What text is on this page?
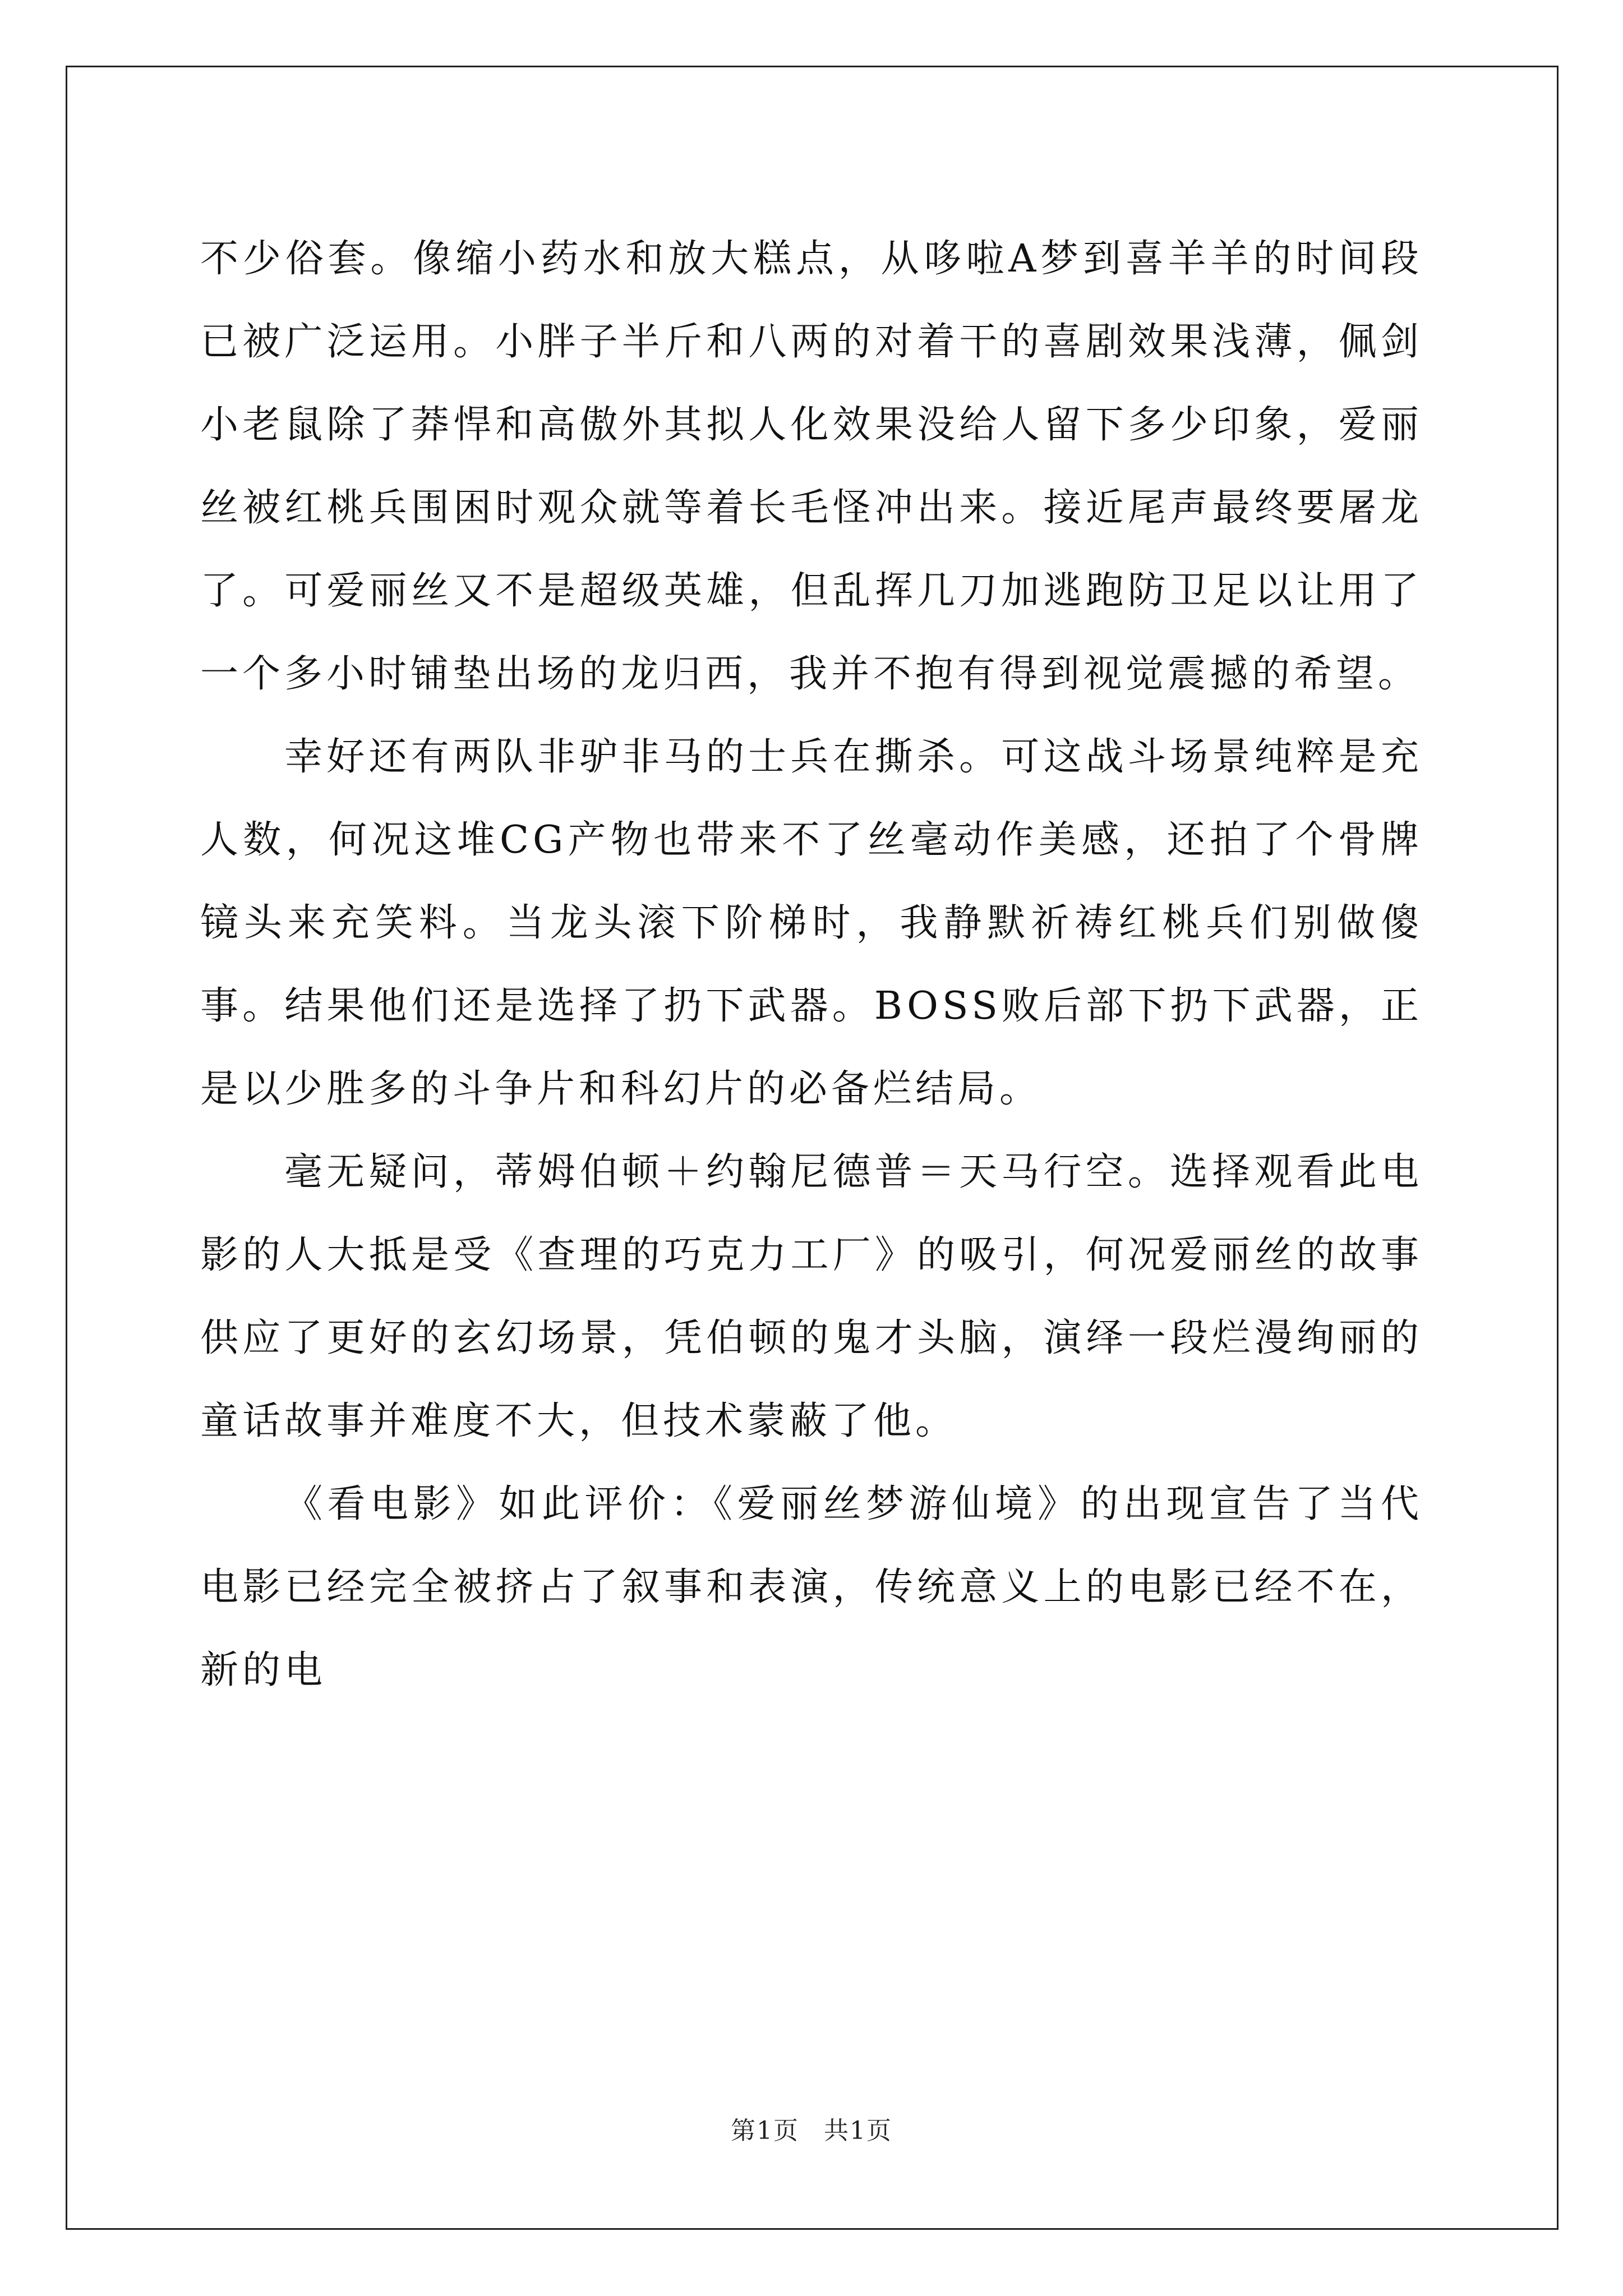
不少俗套。像缩小药水和放大糕点，从哆啦A梦到喜羊羊的时间段已被广泛运用。小胖子半斤和八两的对着干的喜剧效果浅薄，佩剑小老鼠除了莽悍和高傲外其拟人化效果没给人留下多少印象，爱丽丝被红桃兵围困时观众就等着长毛怪冲出来。接近尾声最终要屠龙了。可爱丽丝又不是超级英雄，但乱挥几刀加逃跑防卫足以让用了一个多小时铺垫出场的龙归西，我并不抱有得到视觉震撼的希望。

幸好还有两队非驴非马的士兵在撕杀。可这战斗场景纯粹是充人数，何况这堆CG产物也带来不了丝毫动作美感，还拍了个骨牌镜头来充笑料。当龙头滚下阶梯时，我静默祈祷红桃兵们别做傻事。结果他们还是选择了扔下武器。BOSS败后部下扔下武器，正是以少胜多的斗争片和科幻片的必备烂结局。

毫无疑问，蒂姆伯顿＋约翰尼德普＝天马行空。选择观看此电影的人大抵是受《查理的巧克力工厂》的吸引，何况爱丽丝的故事供应了更好的玄幻场景，凭伯顿的鬼才头脑，演绎一段烂漫绚丽的童话故事并难度不大，但技术蒙蔽了他。

《看电影》如此评价：《爱丽丝梦游仙境》的出现宣告了当代电影已经完全被挤占了叙事和表演，传统意义上的电影已经不在，新的电

第1页 共1页
